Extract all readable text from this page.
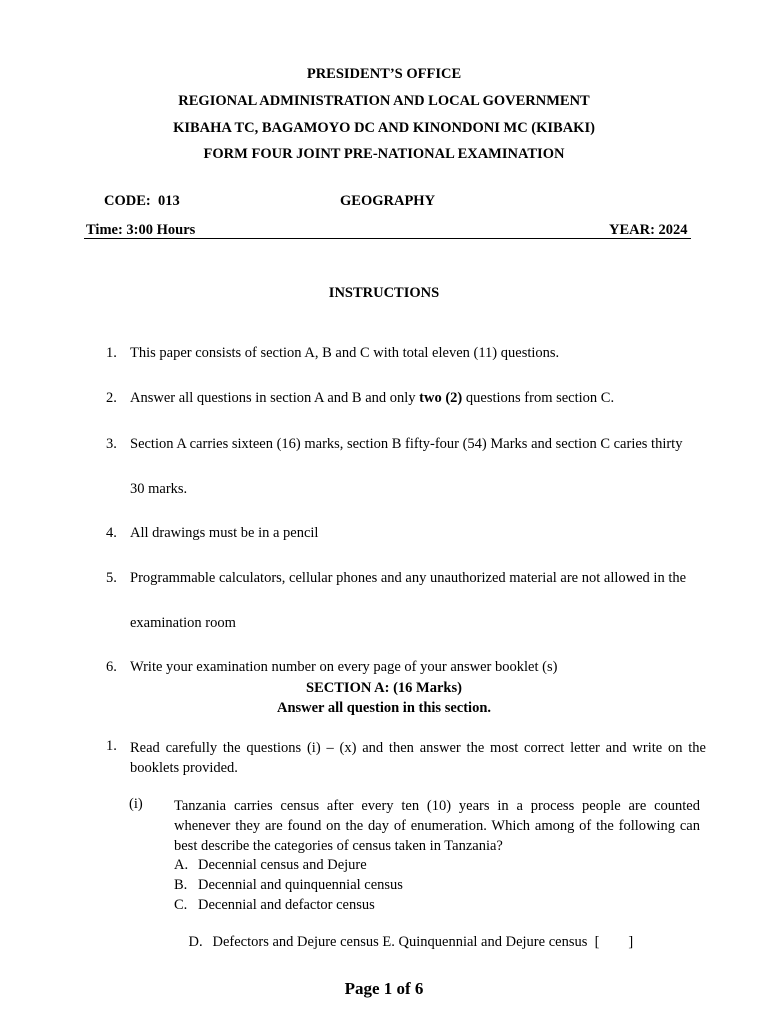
PRESIDENT’S OFFICE
REGIONAL ADMINISTRATION AND LOCAL GOVERNMENT
KIBAHA TC, BAGAMOYO DC AND KINONDONI MC (KIBAKI)
FORM FOUR JOINT PRE-NATIONAL EXAMINATION
CODE:  013	GEOGRAPHY
Time: 3:00 Hours	YEAR: 2024
INSTRUCTIONS
1. This paper consists of section A, B and C with total eleven (11) questions.
2. Answer all questions in section A and B and only two (2) questions from section C.
3. Section A carries sixteen (16) marks, section B fifty-four (54) Marks and section C caries thirty
30 marks.
4. All drawings must be in a pencil
5. Programmable calculators, cellular phones and any unauthorized material are not allowed in the
examination room
6. Write your examination number on every page of your answer booklet (s)
SECTION A: (16 Marks)
Answer all question in this section.
1. Read carefully the questions (i) – (x) and then answer the most correct letter and write on the booklets provided.
(i) Tanzania carries census after every ten (10) years in a process people are counted whenever they are found on the day of enumeration. Which among of the following can best describe the categories of census taken in Tanzania?
A. Decennial census and Dejure
B. Decennial and quinquennial census
C. Decennial and defactor census

D. Defectors and Dejure census E. Quinquennial and Dejure census  [        ]

Page 1 of 6
